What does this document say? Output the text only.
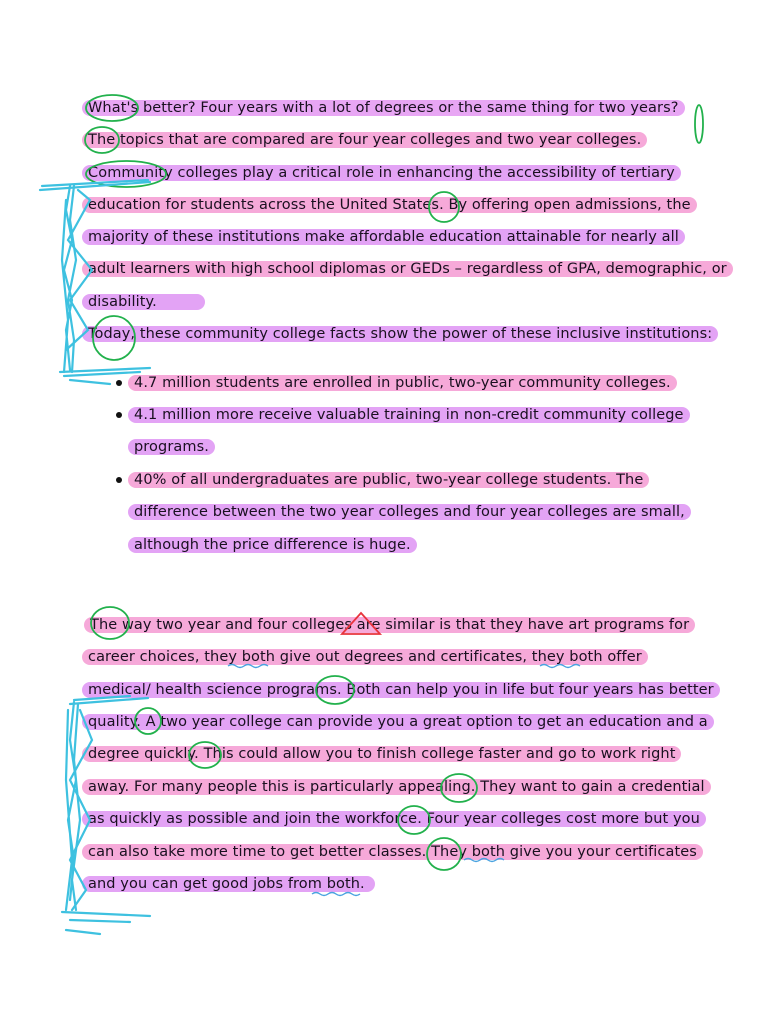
What's better? Four years with a lot of degrees or the same thing for two years?
The topics that are compared are four year colleges and two year colleges.
Community colleges play a critical role in enhancing the accessibility of tertiary
education for students across the United States. By offering open admissions, the
majority of these institutions make affordable education attainable for nearly all
adult learners with high school diplomas or GEDs – regardless of GPA, demographic, or
disability.
Today, these community college facts show the power of these inclusive institutions:
4.7 million students are enrolled in public, two-year community colleges.
4.1 million more receive valuable training in non-credit community college
programs.
40% of all undergraduates are public, two-year college students. The
difference between the two year colleges and four year colleges are small,
although the price difference is huge.
The way two year and four colleges are similar is that they have art programs for
career choices, they both give out degrees and certificates, they both offer
medical/ health science programs. Both can help you in life but four years has better
quality. A two year college can provide you a great option to get an education and a
degree quickly. This could allow you to finish college faster and go to work right
away. For many people this is particularly appealing. They want to gain a credential
as quickly as possible and join the workforce. Four year colleges cost more but you
can also take more time to get better classes. They both give you your certificates
and you can get good jobs from both.
